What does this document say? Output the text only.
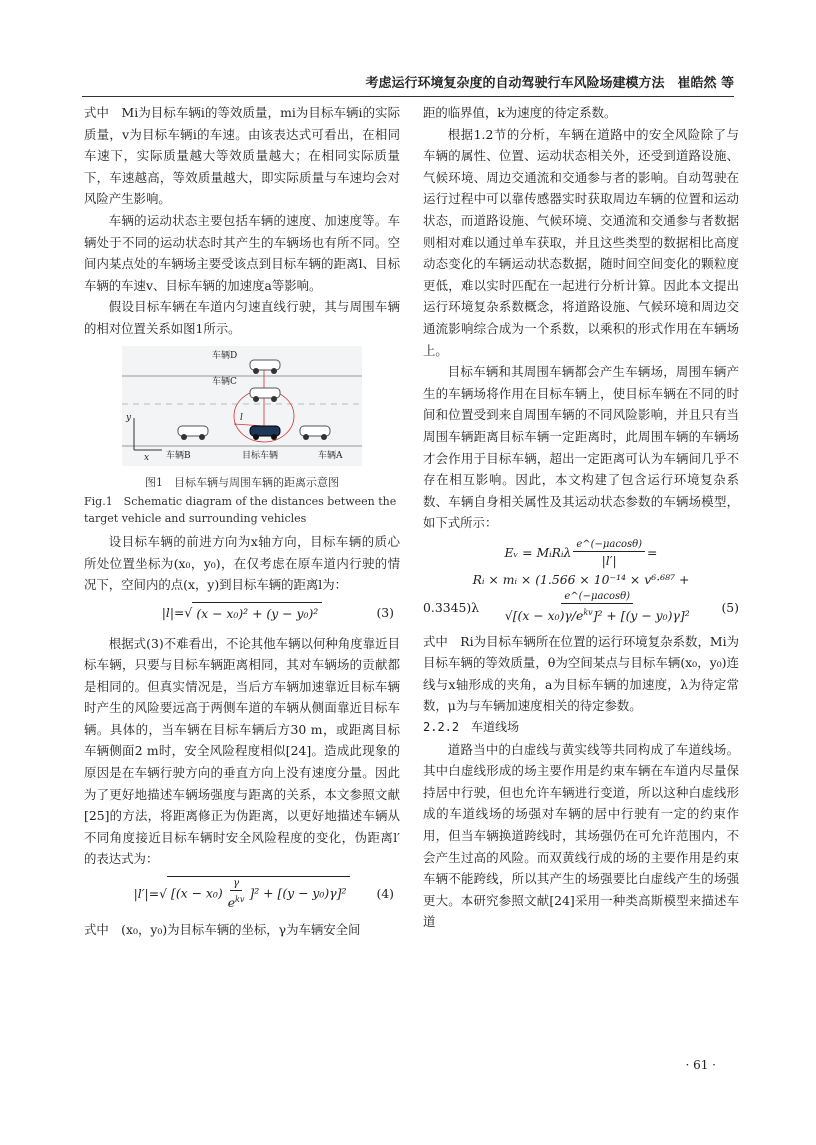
考虑运行环境复杂度的自动驾驶行车风险场建模方法　崔皓然 等

式中　Mi为目标车辆i的等效质量，mi为目标车辆i的实际质量，v为目标车辆i的车速。由该表达式可看出，在相同车速下，实际质量越大等效质量越大；在相同实际质量下，车速越高，等效质量越大，即实际质量与车速均会对风险产生影响。

车辆的运动状态主要包括车辆的速度、加速度等。车辆处于不同的运动状态时其产生的车辆场也有所不同。空间内某点处的车辆场主要受该点到目标车辆的距离l、目标车辆的车速v、目标车辆的加速度a等影响。

假设目标车辆在车道内匀速直线行驶，其与周围车辆的相对位置关系如图1所示。

y
x
车辆D
车辆C
车辆B	目标车辆	车辆A
l
图1　目标车辆与周围车辆的距离示意图
Fig.1　Schematic diagram of the distances between the target vehicle and surrounding vehicles

设目标车辆的前进方向为x轴方向，目标车辆的质心所处位置坐标为(x₀，y₀)，在仅考虑在原车道内行驶的情况下，空间内的点(x，y)到目标车辆的距离l为：

|l|= √ (x − x₀)² + (y − y₀)²	(3)

根据式(3)不难看出，不论其他车辆以何种角度靠近目标车辆，只要与目标车辆距离相同，其对车辆场的贡献都是相同的。但真实情况是，当后方车辆加速靠近目标车辆时产生的风险要远高于两侧车道的车辆从侧面靠近目标车辆。具体的，当车辆在目标车辆后方30 m，或距离目标车辆侧面2 m时，安全风险程度相似[24]。造成此现象的原因是在车辆行驶方向的垂直方向上没有速度分量。因此为了更好地描述车辆场强度与距离的关系，本文参照文献[25]的方法，将距离修正为伪距离，以更好地描述车辆从不同角度接近目标车辆时安全风险程度的变化，伪距离l′的表达式为：

|l′|= √ $[(x - x_0) \frac{\gamma}{e^{kv}} ]^2 + [(y - y_0)\gamma]^2$	(4)

式中　(x₀，y₀)为目标车辆的坐标，γ为车辆安全间

距的临界值，k为速度的待定系数。

根据1.2节的分析，车辆在道路中的安全风险除了与车辆的属性、位置、运动状态相关外，还受到道路设施、气候环境、周边交通流和交通参与者的影响。自动驾驶在运行过程中可以靠传感器实时获取周边车辆的位置和运动状态，而道路设施、气候环境、交通流和交通参与者数据则相对难以通过单车获取，并且这些类型的数据相比高度动态变化的车辆运动状态数据，随时间空间变化的颗粒度更低，难以实时匹配在一起进行分析计算。因此本文提出运行环境复杂系数概念，将道路设施、气候环境和周边交通流影响综合成为一个系数，以乘积的形式作用在车辆场上。

目标车辆和其周围车辆都会产生车辆场，周围车辆产生的车辆场将作用在目标车辆上，使目标车辆在不同的时间和位置受到来自周围车辆的不同风险影响，并且只有当周围车辆距离目标车辆一定距离时，此周围车辆的车辆场才会作用于目标车辆，超出一定距离可认为车辆间几乎不存在相互影响。因此，本文构建了包含运行环境复杂系数、车辆自身相关属性及其运动状态参数的车辆场模型，如下式所示：

Eᵥ = MᵢRᵢλ $\frac{e\^{}(-\mu acos\theta)}{|l'|}$ =
Rᵢ × mᵢ × (1.566 × 10⁻¹⁴ × v⁶·⁶⁸⁷ +
$0.3345)\lambda \frac{e\^{}(-\mu acos\theta)}{√[(x - x_0)\gamma/e^{kv}]^2 + [(y - y_0)\gamma]^2} (5)$

式中　Ri为目标车辆所在位置的运行环境复杂系数，Mi为目标车辆的等效质量，θ为空间某点与目标车辆(x₀，y₀)连线与x轴形成的夹角，a为目标车辆的加速度，λ为待定常数，μ为与车辆加速度相关的待定参数。

2.2.2　车道线场

道路当中的白虚线与黄实线等共同构成了车道线场。其中白虚线形成的场主要作用是约束车辆在车道内尽量保持居中行驶，但也允许车辆进行变道，所以这种白虚线形成的车道线场的场强对车辆的居中行驶有一定的约束作用，但当车辆换道跨线时，其场强仍在可允许范围内，不会产生过高的风险。而双黄线行成的场的主要作用是约束车辆不能跨线，所以其产生的场强要比白虚线产生的场强更大。本研究参照文献[24]采用一种类高斯模型来描述车道

· 61 ·
